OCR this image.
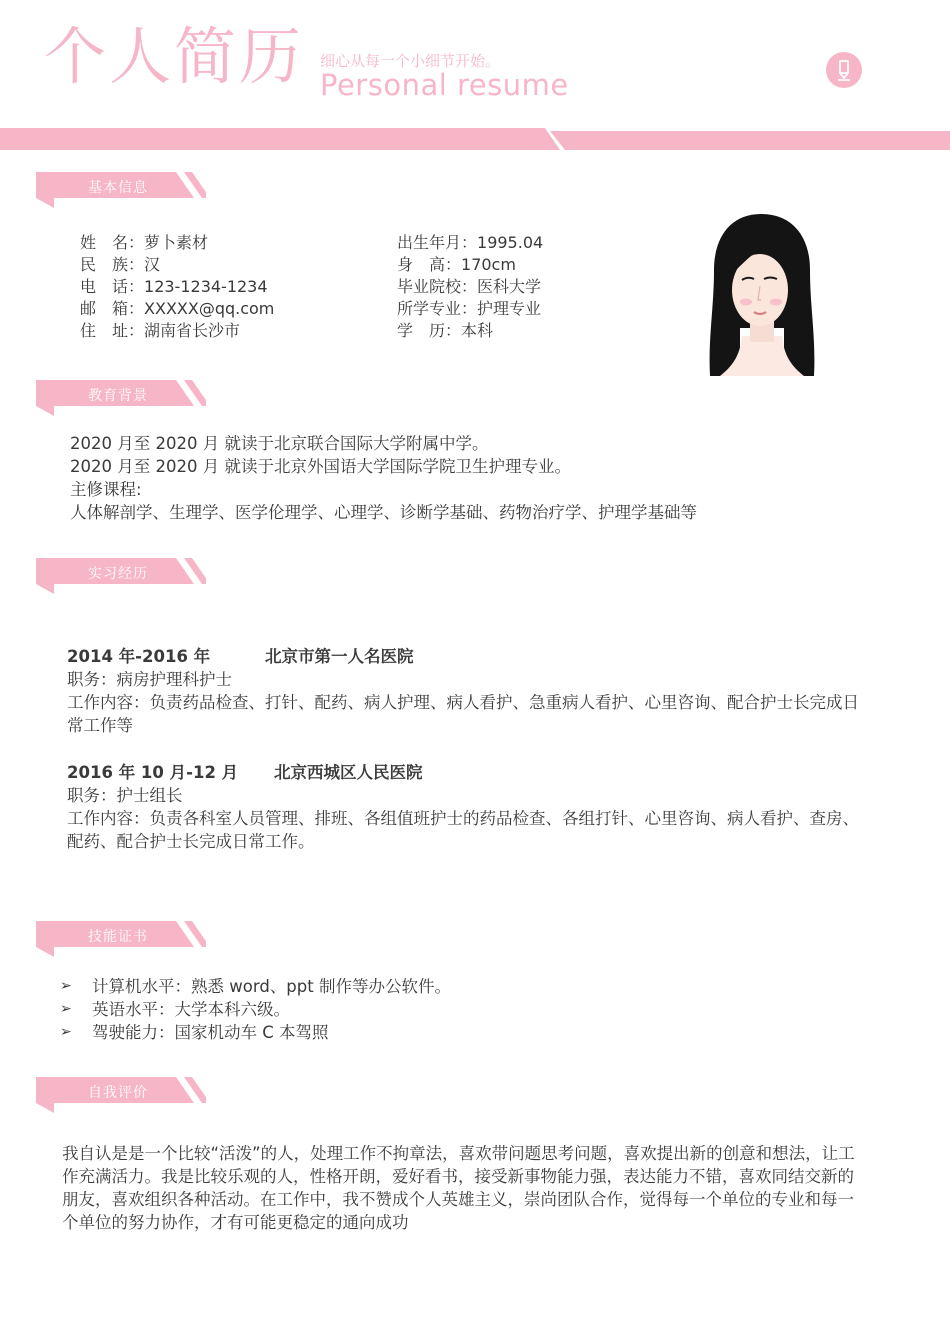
个人简历 细心从每一个小细节开始。
Personal resume
基本信息
姓　名：萝卜素材
民　族：汉
电　话：123-1234-1234
邮　箱：XXXXX@qq.com
住　址：湖南省长沙市
出生年月：1995.04
身　高：170cm
毕业院校：医科大学
所学专业：护理专业
学　历：本科
教育背景
2020 月至 2020 月 就读于北京联合国际大学附属中学。
2020 月至 2020 月 就读于北京外国语大学国际学院卫生护理专业。
主修课程:
人体解剖学、生理学、医学伦理学、心理学、诊断学基础、药物治疗学、护理学基础等
实习经历
2014 年-2016 年	北京市第一人名医院
职务：病房护理科护士
工作内容：负责药品检查、打针、配药、病人护理、病人看护、急重病人看护、心里咨询、配合护士长完成日常工作等
2016 年 10 月-12 月 北京西城区人民医院
职务：护士组长
工作内容：负责各科室人员管理、排班、各组值班护士的药品检查、各组打针、心里咨询、病人看护、查房、配药、配合护士长完成日常工作。
技能证书
➢ 计算机水平：熟悉 word、ppt 制作等办公软件。
➢ 英语水平：大学本科六级。
➢ 驾驶能力：国家机动车 C 本驾照
自我评价
我自认是是一个比较“活泼”的人，处理工作不拘章法，喜欢带问题思考问题，喜欢提出新的创意和想法，让工作充满活力。我是比较乐观的人，性格开朗，爱好看书，接受新事物能力强，表达能力不错，喜欢同结交新的朋友，喜欢组织各种活动。在工作中，我不赞成个人英雄主义，崇尚团队合作，觉得每一个单位的专业和每一个单位的努力协作，才有可能更稳定的通向成功
